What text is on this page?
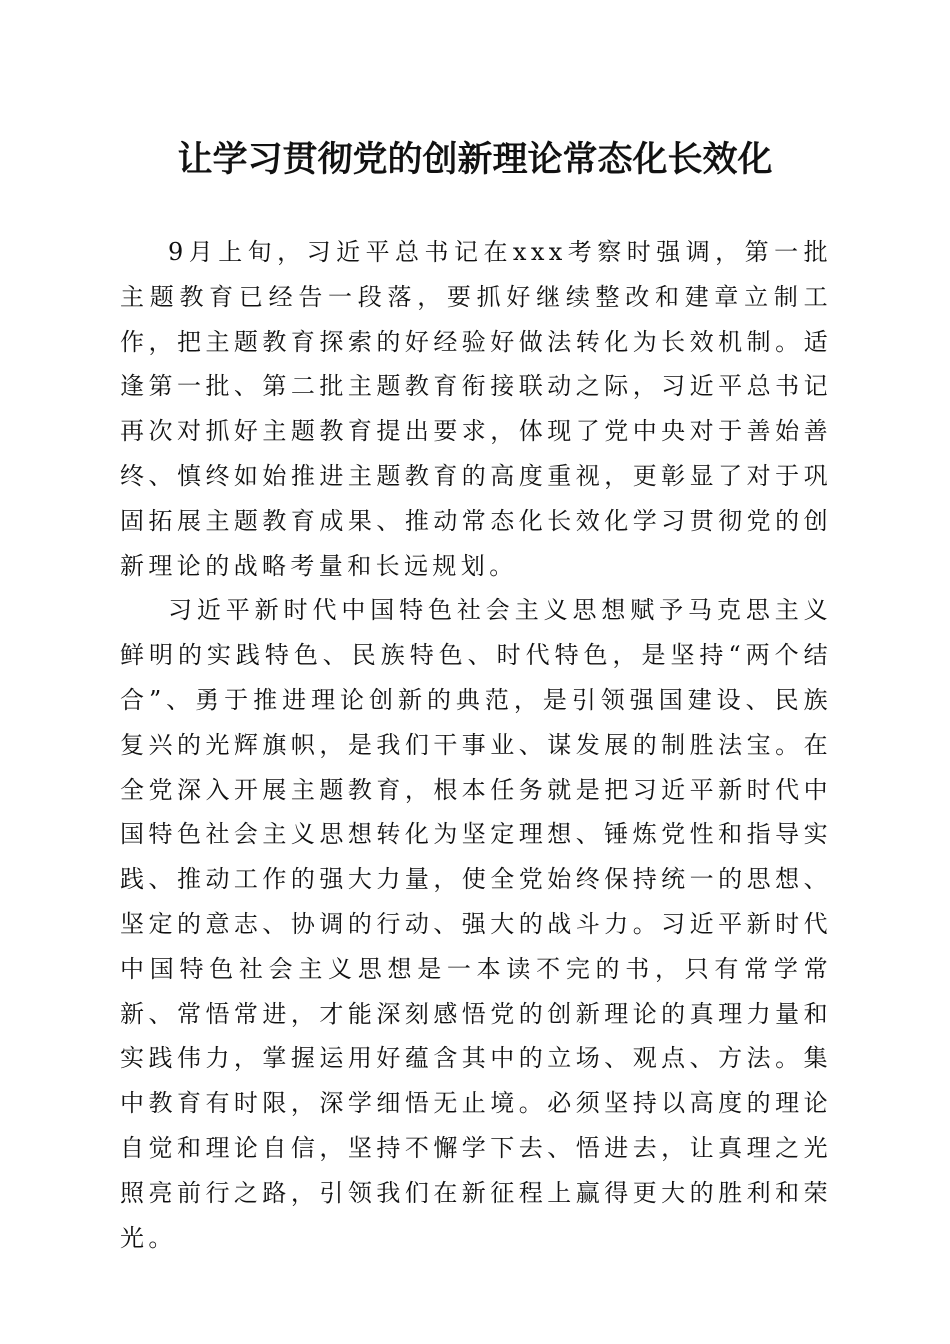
让学习贯彻党的创新理论常态化长效化

9月上旬，习近平总书记在xxx考察时强调，第一批主题教育已经告一段落，要抓好继续整改和建章立制工作，把主题教育探索的好经验好做法转化为长效机制。适逢第一批、第二批主题教育衔接联动之际，习近平总书记再次对抓好主题教育提出要求，体现了党中央对于善始善终、慎终如始推进主题教育的高度重视，更彰显了对于巩固拓展主题教育成果、推动常态化长效化学习贯彻党的创新理论的战略考量和长远规划。

习近平新时代中国特色社会主义思想赋予马克思主义鲜明的实践特色、民族特色、时代特色，是坚持“两个结合”、勇于推进理论创新的典范，是引领强国建设、民族复兴的光辉旗帜，是我们干事业、谋发展的制胜法宝。在全党深入开展主题教育，根本任务就是把习近平新时代中国特色社会主义思想转化为坚定理想、锤炼党性和指导实践、推动工作的强大力量，使全党始终保持统一的思想、坚定的意志、协调的行动、强大的战斗力。习近平新时代中国特色社会主义思想是一本读不完的书，只有常学常新、常悟常进，才能深刻感悟党的创新理论的真理力量和实践伟力，掌握运用好蕴含其中的立场、观点、方法。集中教育有时限，深学细悟无止境。必须坚持以高度的理论自觉和理论自信，坚持不懈学下去、悟进去，让真理之光照亮前行之路，引领我们在新征程上赢得更大的胜利和荣光。
